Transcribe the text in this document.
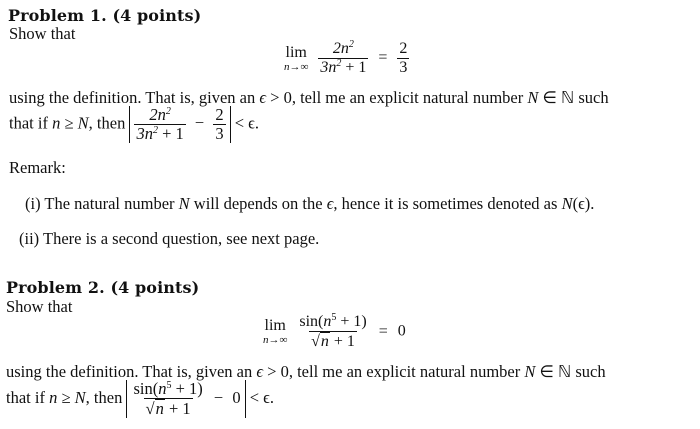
Problem 1. (4 points)
Show that
lim
n→∞
$\frac{2n^2}{3n^2 + 1} = \frac{2}{3}$
using the definition. That is, given an ϵ > 0, tell me an explicit natural number N ∈ ℕ such
that if n ≥ N, then $\frac{2n^2}{3n^2 + 1} - \frac{2}{3} < \epsilon$.
Remark:
(i) The natural number N will depends on the ϵ, hence it is sometimes denoted as N(ϵ).
(ii) There is a second question, see next page.
Problem 2. (4 points)
Show that
lim
n→∞
$\frac{\sin(n^5 + 1)}{√n + 1} = 0$
using the definition. That is, given an ϵ > 0, tell me an explicit natural number N ∈ ℕ such
that if n ≥ N, then $\frac{\sin(n^5 + 1)}{√n + 1} - 0 < \epsilon$.
